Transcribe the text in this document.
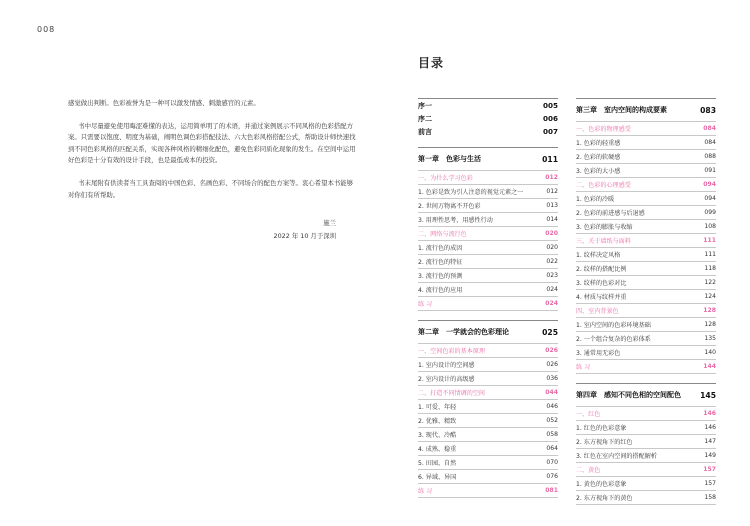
008

感觉做出判断。色彩被誉为是一种可以激发情感、刺激感官的元素。

书中尽量避免使用晦涩难懂的表达，运用简单明了的术语，并通过案例展示不同风格的色彩搭配方案。只需要以饱度、明度为基础，阐明色调色彩搭配技法、六大色彩风格搭配公式，帮助设计师快速找到不同色彩风格的匹配关系，实现各种风格的精细化配色，避免色彩同质化现象的发生。在空间中运用好色彩是十分有效的设计手段，也是最低成本的投资。

书末尾附有供读者当工具查阅的中国色彩、名画色彩、不同场合的配色方案等。衷心希望本书能够对你们有所帮助。

施兰
2022 年 10 月于深圳
目录
序一	005
序二	006
前言	007
第一章　色彩与生活	011
一、为什么学习色彩	012
1. 色彩是致为引人注意的视觉元素之一	012
2. 世间万物离不开色彩	013
3. 用理性思考，用感性行动	014
二、网络与流行色	020
1. 流行色的成因	020
2. 流行色的特征	022
3. 流行色的预测	023
4. 流行色的应用	024
练 习	024
第二章　一学就会的色彩理论	025
一、空间色彩的基本原理	026
1. 室内设计的空间感	026
2. 室内设计的高级感	036
二、打造不同情调的空间	044
1. 可爱、年轻	046
2. 优雅、精致	052
3. 现代、冷酷	058
4. 成熟、稳重	064
5. 田园、自然	070
6. 异域、异国	076
练 习	081
第三章　室内空间的构成要素	083
一、色彩的物理感受	084
1. 色彩的轻重感	084
2. 色彩的软硬感	088
3. 色彩的大小感	091
二、色彩的心理感受	094
1. 色彩的冷暖	094
2. 色彩的前进感与后退感	099
3. 色彩的膨胀与收缩	108
三、关于墙纸与面料	111
1. 纹样决定风格	111
2. 纹样的搭配比例	118
3. 纹样的色彩对比	122
4. 材质与纹样并重	124
四、室内背景色	128
1. 室内空间的色彩环境基础	128
2. 一个组合复杂的色彩体系	135
3. 通常用无彩色	140
练 习	144
第四章　感知不同色相的空间配色	145
一、红色	146
1. 红色的色彩意象	146
2. 东方视角下的红色	147
3. 红色在室内空间的搭配解析	149
二、黄色	157
1. 黄色的色彩意象	157
2. 东方视角下的黄色	158
